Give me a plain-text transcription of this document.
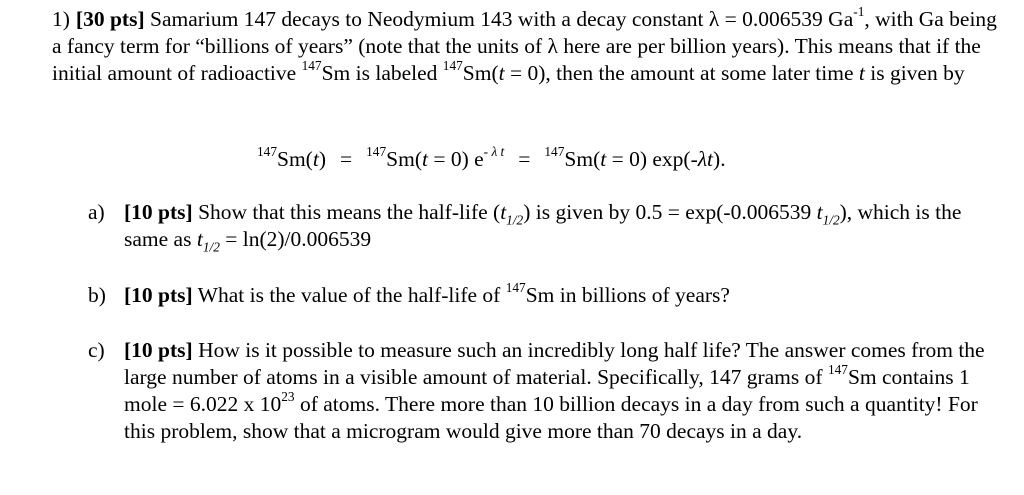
1) [30 pts] Samarium 147 decays to Neodymium 143 with a decay constant λ = 0.006539 $Ga^{-1}$, with Ga being a fancy term for “billions of years” (note that the units of λ here are per billion years). This means that if the initial amount of radioactive $^{147}$Sm is labeled $^{147}$Sm(t = 0), then the amount at some later time t is given by

$^{147}$Sm(t) = $^{147}$Sm(t = 0) $e^{- \lambda t} = ^{147}Sm(t = 0)$ exp(-λt).
a) [10 pts] Show that this means the half-life $(t_{1/2})$ is given by 0.5 = exp(-0.006539 $t_{1/2}$), which is the same as $t_{1/2} = \ln(2)/0.006539$
b) [10 pts] What is the value of the half-life of $^{147}$Sm in billions of years?
c) [10 pts] How is it possible to measure such an incredibly long half life? The answer comes from the large number of atoms in a visible amount of material. Specifically, 147 grams of $^{147}$Sm contains 1 mole = 6.022 x $10^{23}$ of atoms. There more than 10 billion decays in a day from such a quantity! For this problem, show that a microgram would give more than 70 decays in a day.
